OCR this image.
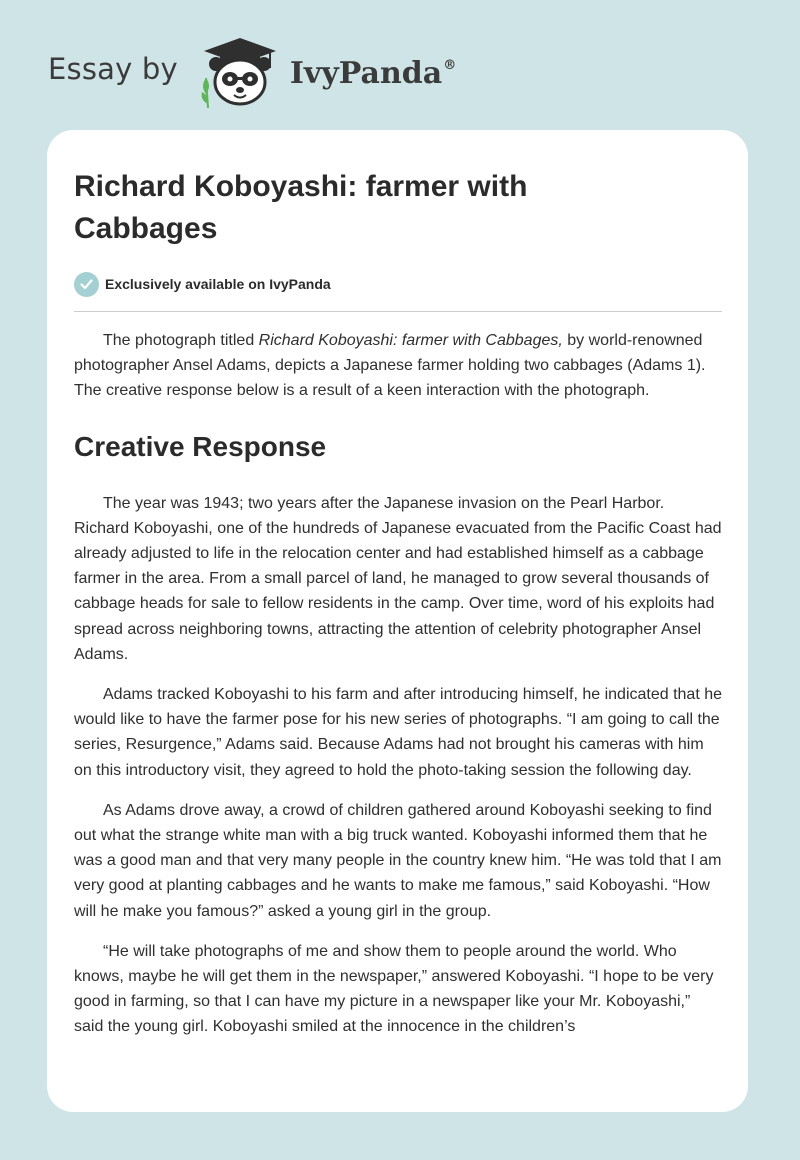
Essay by	IvyPanda®
Richard Koboyashi: farmer with Cabbages
Exclusively available on IvyPanda

The photograph titled Richard Koboyashi: farmer with Cabbages, by world-renowned photographer Ansel Adams, depicts a Japanese farmer holding two cabbages (Adams 1). The creative response below is a result of a keen interaction with the photograph.

Creative Response

The year was 1943; two years after the Japanese invasion on the Pearl Harbor. Richard Koboyashi, one of the hundreds of Japanese evacuated from the Pacific Coast had already adjusted to life in the relocation center and had established himself as a cabbage farmer in the area. From a small parcel of land, he managed to grow several thousands of cabbage heads for sale to fellow residents in the camp. Over time, word of his exploits had spread across neighboring towns, attracting the attention of celebrity photographer Ansel Adams.

Adams tracked Koboyashi to his farm and after introducing himself, he indicated that he would like to have the farmer pose for his new series of photographs. “I am going to call the series, Resurgence,” Adams said. Because Adams had not brought his cameras with him on this introductory visit, they agreed to hold the photo-taking session the following day.

As Adams drove away, a crowd of children gathered around Koboyashi seeking to find out what the strange white man with a big truck wanted. Koboyashi informed them that he was a good man and that very many people in the country knew him. “He was told that I am very good at planting cabbages and he wants to make me famous,” said Koboyashi. “How will he make you famous?” asked a young girl in the group.

“He will take photographs of me and show them to people around the world. Who knows, maybe he will get them in the newspaper,” answered Koboyashi. “I hope to be very good in farming, so that I can have my picture in a newspaper like your Mr. Koboyashi,” said the young girl. Koboyashi smiled at the innocence in the children’s
